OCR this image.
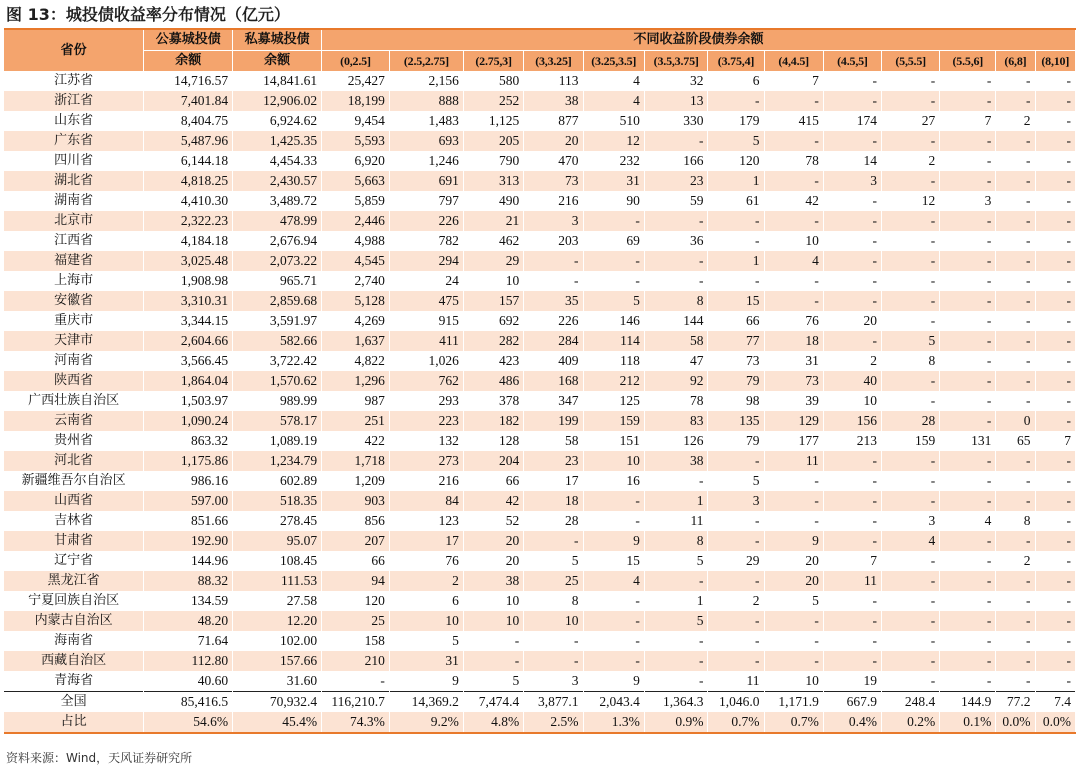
图 13：城投债收益率分布情况（亿元）
省份	公募城投债	私募城投债	不同收益阶段债券余额												
	余额	余额	(0,2.5]	(2.5,2.75]	(2.75,3]	(3,3.25]	(3.25,3.5]	(3.5,3.75]	(3.75,4]	(4,4.5]	(4.5,5]	(5,5.5]	(5.5,6]	(6,8]	(8,10]
江苏省	14,716.57	14,841.61	25,427	2,156	580	113	4	32	6	7	-	-	-	-	-
浙江省	7,401.84	12,906.02	18,199	888	252	38	4	13	-	-	-	-	-	-	-
山东省	8,404.75	6,924.62	9,454	1,483	1,125	877	510	330	179	415	174	27	7	2	-
广东省	5,487.96	1,425.35	5,593	693	205	20	12	-	5	-	-	-	-	-	-
四川省	6,144.18	4,454.33	6,920	1,246	790	470	232	166	120	78	14	2	-	-	-
湖北省	4,818.25	2,430.57	5,663	691	313	73	31	23	1	-	3	-	-	-	-
湖南省	4,410.30	3,489.72	5,859	797	490	216	90	59	61	42	-	12	3	-	-
北京市	2,322.23	478.99	2,446	226	21	3	-	-	-	-	-	-	-	-	-
江西省	4,184.18	2,676.94	4,988	782	462	203	69	36	-	10	-	-	-	-	-
福建省	3,025.48	2,073.22	4,545	294	29	-	-	-	1	4	-	-	-	-	-
上海市	1,908.98	965.71	2,740	24	10	-	-	-	-	-	-	-	-	-	-
安徽省	3,310.31	2,859.68	5,128	475	157	35	5	8	15	-	-	-	-	-	-
重庆市	3,344.15	3,591.97	4,269	915	692	226	146	144	66	76	20	-	-	-	-
天津市	2,604.66	582.66	1,637	411	282	284	114	58	77	18	-	5	-	-	-
河南省	3,566.45	3,722.42	4,822	1,026	423	409	118	47	73	31	2	8	-	-	-
陕西省	1,864.04	1,570.62	1,296	762	486	168	212	92	79	73	40	-	-	-	-
广西壮族自治区	1,503.97	989.99	987	293	378	347	125	78	98	39	10	-	-	-	-
云南省	1,090.24	578.17	251	223	182	199	159	83	135	129	156	28	-	0	-
贵州省	863.32	1,089.19	422	132	128	58	151	126	79	177	213	159	131	65	7
河北省	1,175.86	1,234.79	1,718	273	204	23	10	38	-	11	-	-	-	-	-
新疆维吾尔自治区	986.16	602.89	1,209	216	66	17	16	-	5	-	-	-	-	-	-
山西省	597.00	518.35	903	84	42	18	-	1	3	-	-	-	-	-	-
吉林省	851.66	278.45	856	123	52	28	-	11	-	-	-	3	4	8	-
甘肃省	192.90	95.07	207	17	20	-	9	8	-	9	-	4	-	-	-
辽宁省	144.96	108.45	66	76	20	5	15	5	29	20	7	-	-	2	-
黑龙江省	88.32	111.53	94	2	38	25	4	-	-	20	11	-	-	-	-
宁夏回族自治区	134.59	27.58	120	6	10	8	-	1	2	5	-	-	-	-	-
内蒙古自治区	48.20	12.20	25	10	10	10	-	5	-	-	-	-	-	-	-
海南省	71.64	102.00	158	5	-	-	-	-	-	-	-	-	-	-	-
西藏自治区	112.80	157.66	210	31	-	-	-	-	-	-	-	-	-	-	-
青海省	40.60	31.60	-	9	5	3	9	-	11	10	19	-	-	-	-
全国	85,416.5	70,932.4	116,210.7	14,369.2	7,474.4	3,877.1	2,043.4	1,364.3	1,046.0	1,171.9	667.9	248.4	144.9	77.2	7.4
占比	54.6%	45.4%	74.3%	9.2%	4.8%	2.5%	1.3%	0.9%	0.7%	0.7%	0.4%	0.2%	0.1%	0.0%	0.0%
资料来源：Wind，天风证券研究所
